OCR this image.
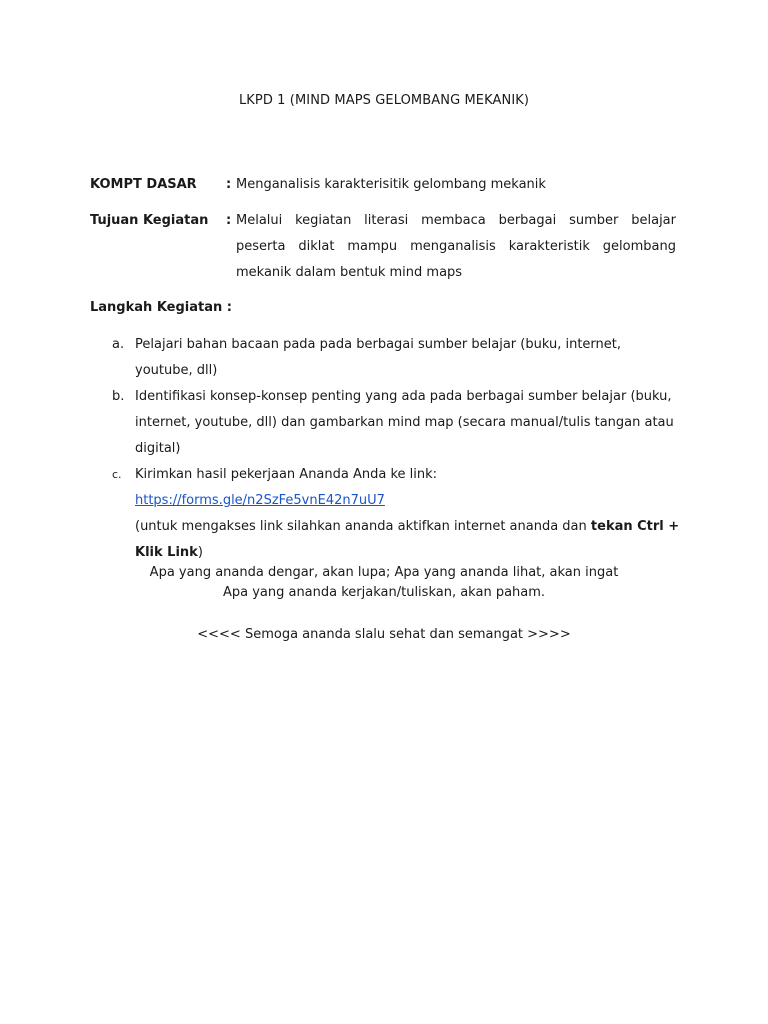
LKPD 1 (MIND MAPS GELOMBANG MEKANIK)
KOMPT DASAR : Menganalisis karakterisitik gelombang mekanik
Tujuan Kegiatan : Melalui kegiatan literasi membaca berbagai sumber belajar peserta diklat mampu menganalisis karakteristik gelombang mekanik dalam bentuk mind maps
Langkah Kegiatan :
a. Pelajari bahan bacaan pada pada berbagai sumber belajar (buku, internet, youtube, dll)
b. Identifikasi konsep-konsep penting yang ada pada berbagai sumber belajar (buku, internet, youtube, dll) dan gambarkan mind map (secara manual/tulis tangan atau digital)
c. Kirimkan hasil pekerjaan Ananda Anda ke link: https://forms.gle/n2SzFe5vnE42n7uU7
(untuk mengakses link silahkan ananda aktifkan internet ananda dan tekan Ctrl + Klik Link)
Apa yang ananda dengar, akan lupa; Apa yang ananda lihat, akan ingat
Apa yang ananda kerjakan/tuliskan, akan paham.
<<<< Semoga ananda slalu sehat dan semangat >>>>
